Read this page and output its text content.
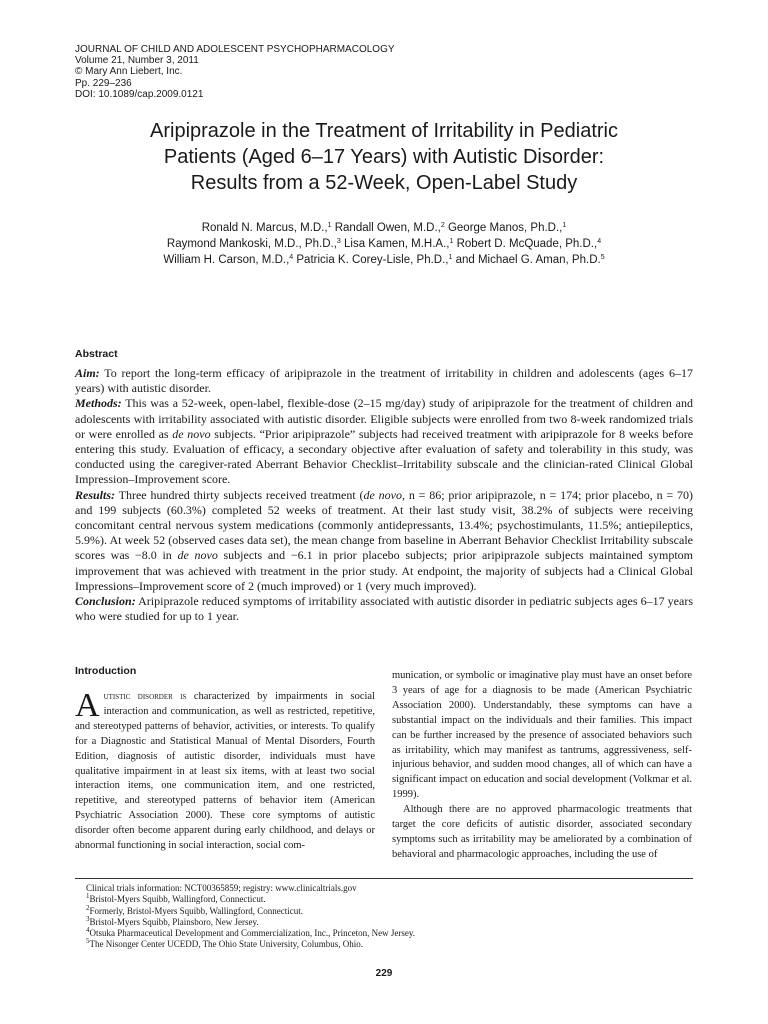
JOURNAL OF CHILD AND ADOLESCENT PSYCHOPHARMACOLOGY
Volume 21, Number 3, 2011
© Mary Ann Liebert, Inc.
Pp. 229–236
DOI: 10.1089/cap.2009.0121
Aripiprazole in the Treatment of Irritability in Pediatric
Patients (Aged 6–17 Years) with Autistic Disorder:
Results from a 52-Week, Open-Label Study
Ronald N. Marcus, M.D.,$^1$ Randall Owen, M.D.,$^2$ George Manos, Ph.D.,$^1$
Raymond Mankoski, M.D., Ph.D.,$^3$ Lisa Kamen, M.H.A.,$^1$ Robert D. McQuade, Ph.D.,$^4$
William H. Carson, M.D.,$^4$ Patricia K. Corey-Lisle, Ph.D.,$^1$ and Michael G. Aman, Ph.D.$^5$
Abstract

Aim: To report the long-term efficacy of aripiprazole in the treatment of irritability in children and adolescents (ages 6–17 years) with autistic disorder.

Methods: This was a 52-week, open-label, flexible-dose (2–15 mg/day) study of aripiprazole for the treatment of children and adolescents with irritability associated with autistic disorder. Eligible subjects were enrolled from two 8-week randomized trials or were enrolled as de novo subjects. “Prior aripiprazole” subjects had received treatment with aripiprazole for 8 weeks before entering this study. Evaluation of efficacy, a secondary objective after evaluation of safety and tolerability in this study, was conducted using the caregiver-rated Aberrant Behavior Checklist–Irritability subscale and the clinician-rated Clinical Global Impression–Improvement score.

Results: Three hundred thirty subjects received treatment (de novo, n = 86; prior aripiprazole, n = 174; prior placebo, n = 70) and 199 subjects (60.3%) completed 52 weeks of treatment. At their last study visit, 38.2% of subjects were receiving concomitant central nervous system medications (commonly antidepressants, 13.4%; psychostimulants, 11.5%; antiepileptics, 5.9%). At week 52 (observed cases data set), the mean change from baseline in Aberrant Behavior Checklist Irritability subscale scores was −8.0 in de novo subjects and −6.1 in prior placebo subjects; prior aripiprazole subjects maintained symptom improvement that was achieved with treatment in the prior study. At endpoint, the majority of subjects had a Clinical Global Impressions–Improvement score of 2 (much improved) or 1 (very much improved).

Conclusion: Aripiprazole reduced symptoms of irritability associated with autistic disorder in pediatric subjects ages 6–17 years who were studied for up to 1 year.

Introduction

Autistic disorder is characterized by impairments in social interaction and communication, as well as restricted, repetitive, and stereotyped patterns of behavior, activities, or interests. To qualify for a Diagnostic and Statistical Manual of Mental Disorders, Fourth Edition, diagnosis of autistic disorder, individuals must have qualitative impairment in at least six items, with at least two social interaction items, one communication item, and one restricted, repetitive, and stereotyped patterns of behavior item (American Psychiatric Association 2000). These core symptoms of autistic disorder often become apparent during early childhood, and delays or abnormal functioning in social interaction, social com-

munication, or symbolic or imaginative play must have an onset before 3 years of age for a diagnosis to be made (American Psychiatric Association 2000). Understandably, these symptoms can have a substantial impact on the individuals and their families. This impact can be further increased by the presence of associated behaviors such as irritability, which may manifest as tantrums, aggressiveness, self-injurious behavior, and sudden mood changes, all of which can have a significant impact on education and social development (Volkmar et al. 1999).

Although there are no approved pharmacologic treatments that target the core deficits of autistic disorder, associated secondary symptoms such as irritability may be ameliorated by a combination of behavioral and pharmacologic approaches, including the use of

Clinical trials information: NCT00365859; registry: www.clinicaltrials.gov
$^1$Bristol-Myers Squibb, Wallingford, Connecticut.
$^2$Formerly, Bristol-Myers Squibb, Wallingford, Connecticut.
$^3$Bristol-Myers Squibb, Plainsboro, New Jersey.
$^4$Otsuka Pharmaceutical Development and Commercialization, Inc., Princeton, New Jersey.
$^5$The Nisonger Center UCEDD, The Ohio State University, Columbus, Ohio.
229
